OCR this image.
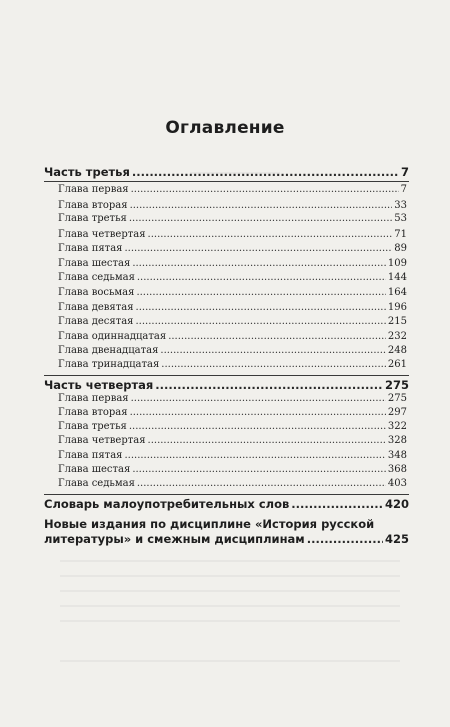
Оглавление
Часть третья .....	7
Глава первая .....	7
Глава вторая .....	33
Глава третья .....	53
Глава четвертая .....	71
Глава пятая .....	89
Глава шестая .....	109
Глава седьмая .....	144
Глава восьмая .....	164
Глава девятая .....	196
Глава десятая .....	215
Глава одиннадцатая .....	232
Глава двенадцатая .....	248
Глава тринадцатая .....	261
Часть четвертая .....	275
Глава первая .....	275
Глава вторая .....	297
Глава третья .....	322
Глава четвертая .....	328
Глава пятая .....	348
Глава шестая .....	368
Глава седьмая .....	403
Словарь малоупотребительных слов .....	420
Новые издания по дисциплине «История русской
литературы» и смежным дисциплинам .....	425
